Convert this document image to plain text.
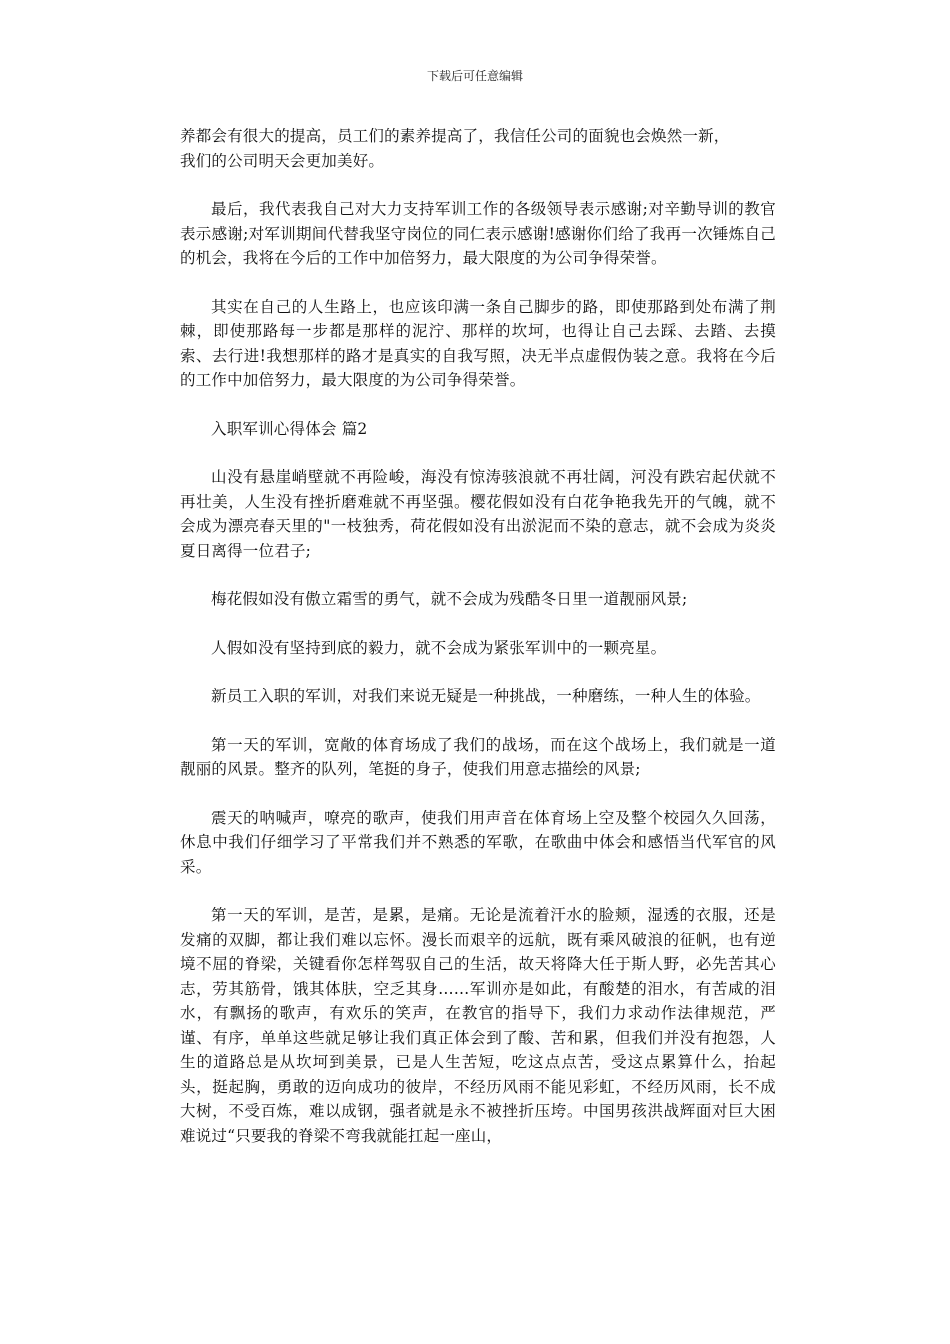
下载后可任意编辑

养都会有很大的提高，员工们的素养提高了，我信任公司的面貌也会焕然一新，
我们的公司明天会更加美好。

最后，我代表我自己对大力支持军训工作的各级领导表示感谢;对辛勤导训的教官表示感谢;对军训期间代替我坚守岗位的同仁表示感谢!感谢你们给了我再一次锤炼自己的机会，我将在今后的工作中加倍努力，最大限度的为公司争得荣誉。

其实在自己的人生路上，也应该印满一条自己脚步的路，即使那路到处布满了荆棘，即使那路每一步都是那样的泥泞、那样的坎坷，也得让自己去踩、去踏、去摸索、去行进!我想那样的路才是真实的自我写照，决无半点虚假伪装之意。我将在今后的工作中加倍努力，最大限度的为公司争得荣誉。

入职军训心得体会 篇2

山没有悬崖峭壁就不再险峻，海没有惊涛骇浪就不再壮阔，河没有跌宕起伏就不再壮美，人生没有挫折磨难就不再坚强。樱花假如没有白花争艳我先开的气魄，就不会成为漂亮春天里的"一枝独秀，荷花假如没有出淤泥而不染的意志，就不会成为炎炎夏日离得一位君子;

梅花假如没有傲立霜雪的勇气，就不会成为残酷冬日里一道靓丽风景;

人假如没有坚持到底的毅力，就不会成为紧张军训中的一颗亮星。

新员工入职的军训，对我们来说无疑是一种挑战，一种磨练，一种人生的体验。

第一天的军训，宽敞的体育场成了我们的战场，而在这个战场上，我们就是一道靓丽的风景。整齐的队列，笔挺的身子，使我们用意志描绘的风景;

震天的呐喊声，嘹亮的歌声，使我们用声音在体育场上空及整个校园久久回荡，休息中我们仔细学习了平常我们并不熟悉的军歌，在歌曲中体会和感悟当代军官的风采。

第一天的军训，是苦，是累，是痛。无论是流着汗水的脸颊，湿透的衣服，还是发痛的双脚，都让我们难以忘怀。漫长而艰辛的远航，既有乘风破浪的征帆，也有逆境不屈的脊梁，关键看你怎样驾驭自己的生活，故天将降大任于斯人野，必先苦其心志，劳其筋骨，饿其体肤，空乏其身……军训亦是如此，有酸楚的泪水，有苦咸的泪水，有飘扬的歌声，有欢乐的笑声，在教官的指导下，我们力求动作法律规范，严谨、有序，单单这些就足够让我们真正体会到了酸、苦和累，但我们并没有抱怨，人生的道路总是从坎坷到美景，已是人生苦短，吃这点点苦，受这点累算什么，抬起头，挺起胸，勇敢的迈向成功的彼岸，不经历风雨不能见彩虹，不经历风雨，长不成大树，不受百炼，难以成钢，强者就是永不被挫折压垮。中国男孩洪战辉面对巨大困难说过“只要我的脊梁不弯我就能扛起一座山，
